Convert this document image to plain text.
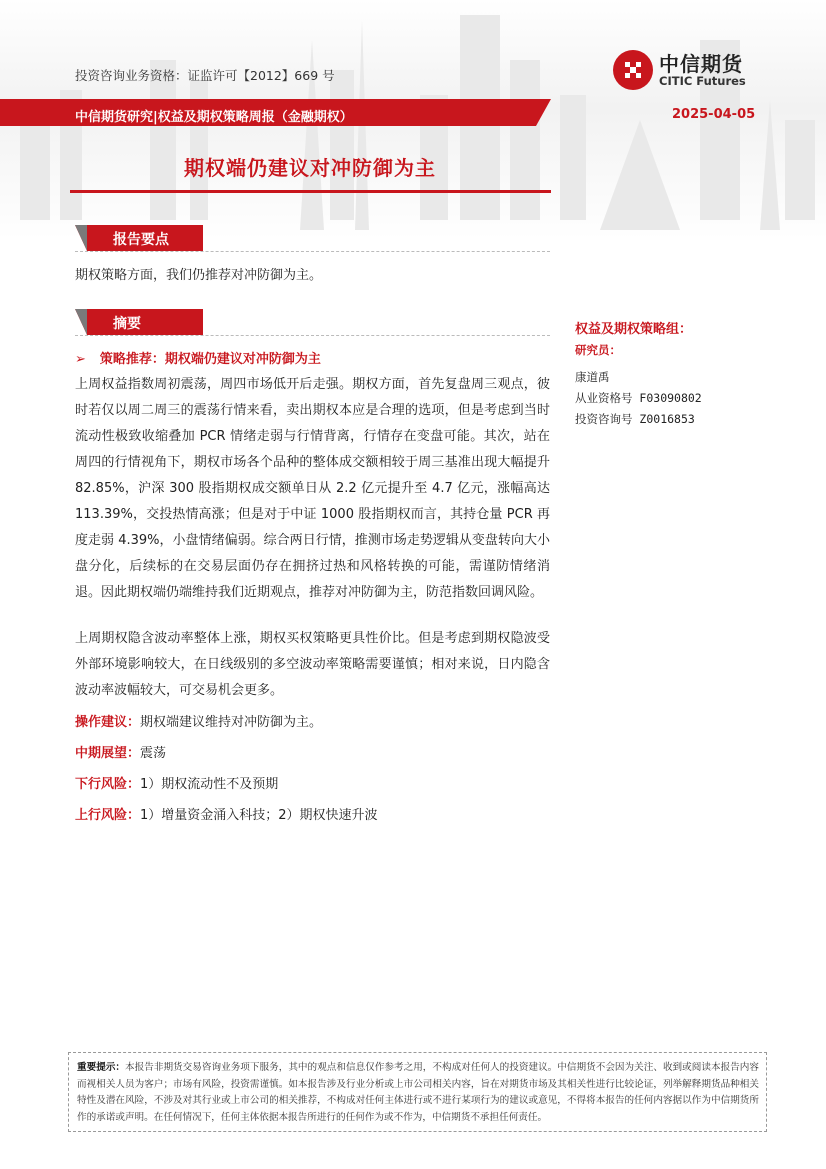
投资咨询业务资格：证监许可【2012】669 号	中信期货
CITIC Futures
中信期货研究|权益及期权策略周报（金融期权）	2025-04-05
期权端仍建议对冲防御为主
报告要点
期权策略方面，我们仍推荐对冲防御为主。
摘要
➢ 策略推荐：期权端仍建议对冲防御为主
上周权益指数周初震荡，周四市场低开后走强。期权方面，首先复盘周三观点，彼时若仅以周二周三的震荡行情来看，卖出期权本应是合理的选项，但是考虑到当时流动性极致收缩叠加 PCR 情绪走弱与行情背离，行情存在变盘可能。其次，站在周四的行情视角下，期权市场各个品种的整体成交额相较于周三基准出现大幅提升 82.85%，沪深 300 股指期权成交额单日从 2.2 亿元提升至 4.7 亿元，涨幅高达 113.39%，交投热情高涨；但是对于中证 1000 股指期权而言，其持仓量 PCR 再度走弱 4.39%，小盘情绪偏弱。综合两日行情，推测市场走势逻辑从变盘转向大小盘分化，后续标的在交易层面仍存在拥挤过热和风格转换的可能，需谨防情绪消退。因此期权端仍端维持我们近期观点，推荐对冲防御为主，防范指数回调风险。
上周期权隐含波动率整体上涨，期权买权策略更具性价比。但是考虑到期权隐波受外部环境影响较大，在日线级别的多空波动率策略需要谨慎；相对来说，日内隐含波动率波幅较大，可交易机会更多。
操作建议：期权端建议维持对冲防御为主。
中期展望：震荡
下行风险：1）期权流动性不及预期
上行风险：1）增量资金涌入科技；2）期权快速升波
权益及期权策略组：
研究员：
康道禹
从业资格号 F03090802
投资咨询号 Z0016853
重要提示：本报告非期货交易咨询业务项下服务，其中的观点和信息仅作参考之用，不构成对任何人的投资建议。中信期货不会因为关注、收到或阅读本报告内容而视相关人员为客户；市场有风险，投资需谨慎。如本报告涉及行业分析或上市公司相关内容，旨在对期货市场及其相关性进行比较论证，列举解释期货品种相关特性及潜在风险，不涉及对其行业或上市公司的相关推荐，不构成对任何主体进行或不进行某项行为的建议或意见，不得将本报告的任何内容据以作为中信期货所作的承诺或声明。在任何情况下，任何主体依据本报告所进行的任何作为或不作为，中信期货不承担任何责任。
